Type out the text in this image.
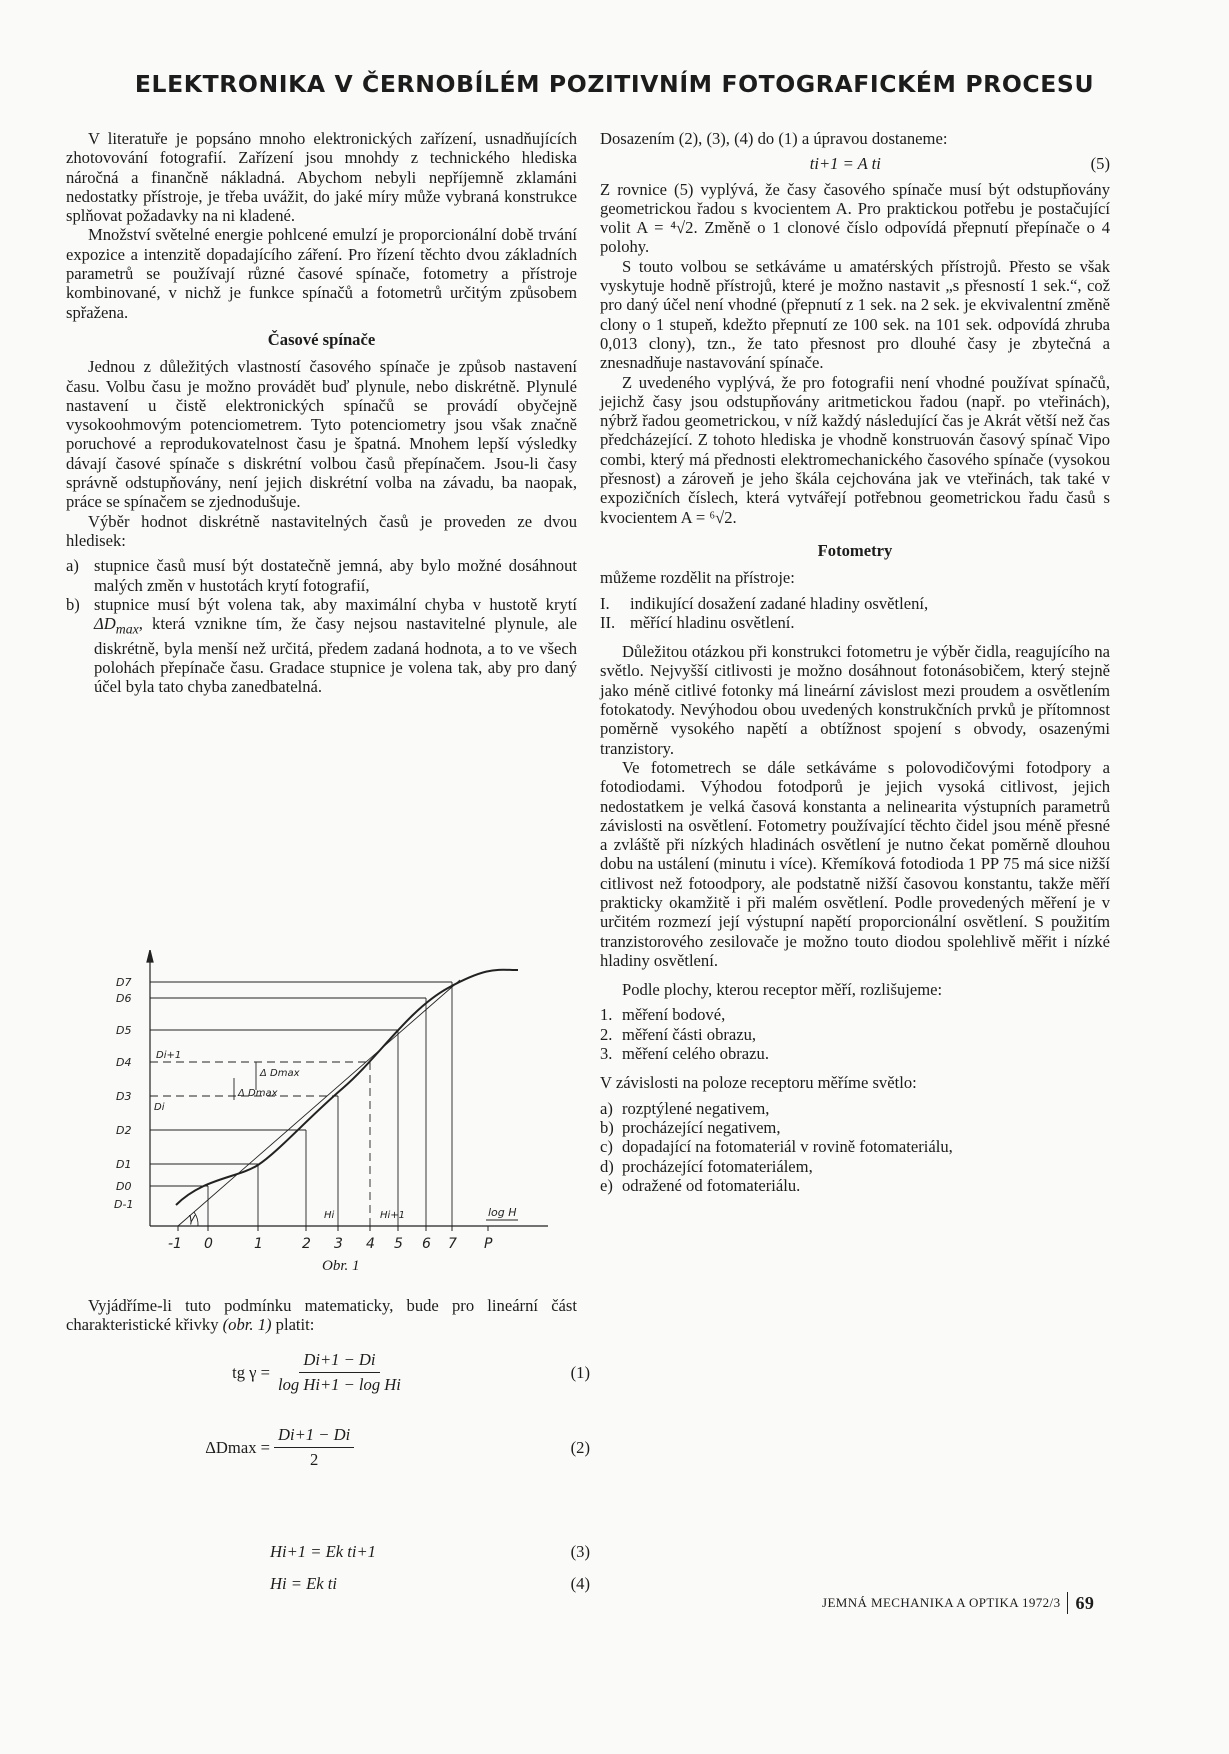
ELEKTRONIKA V ČERNOBÍLÉM POZITIVNÍM FOTOGRAFICKÉM PROCESU

V literatuře je popsáno mnoho elektronických zařízení, usnadňujících zhotovování fotografií. Zařízení jsou mnohdy z technického hlediska náročná a finančně nákladná. Abychom nebyli nepříjemně zklamáni nedostatky přístroje, je třeba uvážit, do jaké míry může vybraná konstrukce splňovat požadavky na ni kladené.

Množství světelné energie pohlcené emulzí je proporcionální době trvání expozice a intenzitě dopadajícího záření. Pro řízení těchto dvou základních parametrů se používají různé časové spínače, fotometry a přístroje kombinované, v nichž je funkce spínačů a fotometrů určitým způsobem spřažena.

Časové spínače

Jednou z důležitých vlastností časového spínače je způsob nastavení času. Volbu času je možno provádět buď plynule, nebo diskrétně. Plynulé nastavení u čistě elektronických spínačů se provádí obyčejně vysokoohmovým potenciometrem. Tyto potenciometry jsou však značně poruchové a reprodukovatelnost času je špatná. Mnohem lepší výsledky dávají časové spínače s diskrétní volbou časů přepínačem. Jsou-li časy správně odstupňovány, není jejich diskrétní volba na závadu, ba naopak, práce se spínačem se zjednodušuje.

Výběr hodnot diskrétně nastavitelných časů je proveden ze dvou hledisek:

a) stupnice časů musí být dostatečně jemná, aby bylo možné dosáhnout malých změn v hustotách krytí fotografií,
b) stupnice musí být volena tak, aby maximální chyba v hustotě krytí $\Delta D_{max}$, která vznikne tím, že časy nejsou nastavitelné plynule, ale diskrétně, byla menší než určitá, předem zadaná hodnota, a to ve všech polohách přepínače času. Gradace stupnice je volena tak, aby pro daný účel byla tato chyba zanedbatelná.
D7
D6
D5
D4
D3
D2
D1
D0
D-1
-1 0	1	2 3 4 5 6 7 P
Di+1
Di
Δ Dmax
Δ Dmax
Hi	Hi+1	log H
γ
Obr. 1

Vyjádříme-li tuto podmínku matematicky, bude pro lineární část charakteristické křivky (obr. 1) platit:

tg $\gamma = \frac{Di+1 - Di}{\text{log Hi+1 − log Hi}}$	(1)
$\Delta Dmax = \frac{Di+1 - Di}{2}$	(2)
Hi+1 = Ek ti+1	(3)
Hi = Ek ti	(4)

Dosazením (2), (3), (4) do (1) a úpravou dostaneme:

ti+1 = A ti	(5)

Z rovnice (5) vyplývá, že časy časového spínače musí být odstupňovány geometrickou řadou s kvocientem A. Pro praktickou potřebu je postačující volit A = ⁴√2. Změně o 1 clonové číslo odpovídá přepnutí přepínače o 4 polohy.

S touto volbou se setkáváme u amatérských přístrojů. Přesto se však vyskytuje hodně přístrojů, které je možno nastavit „s přesností 1 sek.“, což pro daný účel není vhodné (přepnutí z 1 sek. na 2 sek. je ekvivalentní změně clony o 1 stupeň, kdežto přepnutí ze 100 sek. na 101 sek. odpovídá zhruba 0,013 clony), tzn., že tato přesnost pro dlouhé časy je zbytečná a znesnadňuje nastavování spínače.

Z uvedeného vyplývá, že pro fotografii není vhodné používat spínačů, jejichž časy jsou odstupňovány aritmetickou řadou (např. po vteřinách), nýbrž řadou geometrickou, v níž každý následující čas je Akrát větší než čas předcházející. Z tohoto hlediska je vhodně konstruován časový spínač Vipo combi, který má přednosti elektromechanického časového spínače (vysokou přesnost) a zároveň je jeho škála cejchována jak ve vteřinách, tak také v expozičních číslech, která vytvářejí potřebnou geometrickou řadu časů s kvocientem A = ⁶√2.

Fotometry

můžeme rozdělit na přístroje:

I.	indikující dosažení zadané hladiny osvětlení,
II. měřící hladinu osvětlení.

Důležitou otázkou při konstrukci fotometru je výběr čidla, reagujícího na světlo. Nejvyšší citlivosti je možno dosáhnout fotonásobičem, který stejně jako méně citlivé fotonky má lineární závislost mezi proudem a osvětlením fotokatody. Nevýhodou obou uvedených konstrukčních prvků je přítomnost poměrně vysokého napětí a obtížnost spojení s obvody, osazenými tranzistory.

Ve fotometrech se dále setkáváme s polovodičovými fotodpory a fotodiodami. Výhodou fotodporů je jejich vysoká citlivost, jejich nedostatkem je velká časová konstanta a nelinearita výstupních parametrů závislosti na osvětlení. Fotometry používající těchto čidel jsou méně přesné a zvláště při nízkých hladinách osvětlení je nutno čekat poměrně dlouhou dobu na ustálení (minutu i více). Křemíková fotodioda 1 PP 75 má sice nižší citlivost než fotoodpory, ale podstatně nižší časovou konstantu, takže měří prakticky okamžitě i při malém osvětlení. Podle provedených měření je v určitém rozmezí její výstupní napětí proporcionální osvětlení. S použitím tranzistorového zesilovače je možno touto diodou spolehlivě měřit i nízké hladiny osvětlení.

Podle plochy, kterou receptor měří, rozlišujeme:

1. měření bodové,
2. měření části obrazu,
3. měření celého obrazu.

V závislosti na poloze receptoru měříme světlo:

a) rozptýlené negativem,
b) procházející negativem,
c) dopadající na fotomateriál v rovině fotomateriálu,
d) procházející fotomateriálem,
e) odražené od fotomateriálu.
JEMNÁ MECHANIKA A OPTIKA 1972/3 69
